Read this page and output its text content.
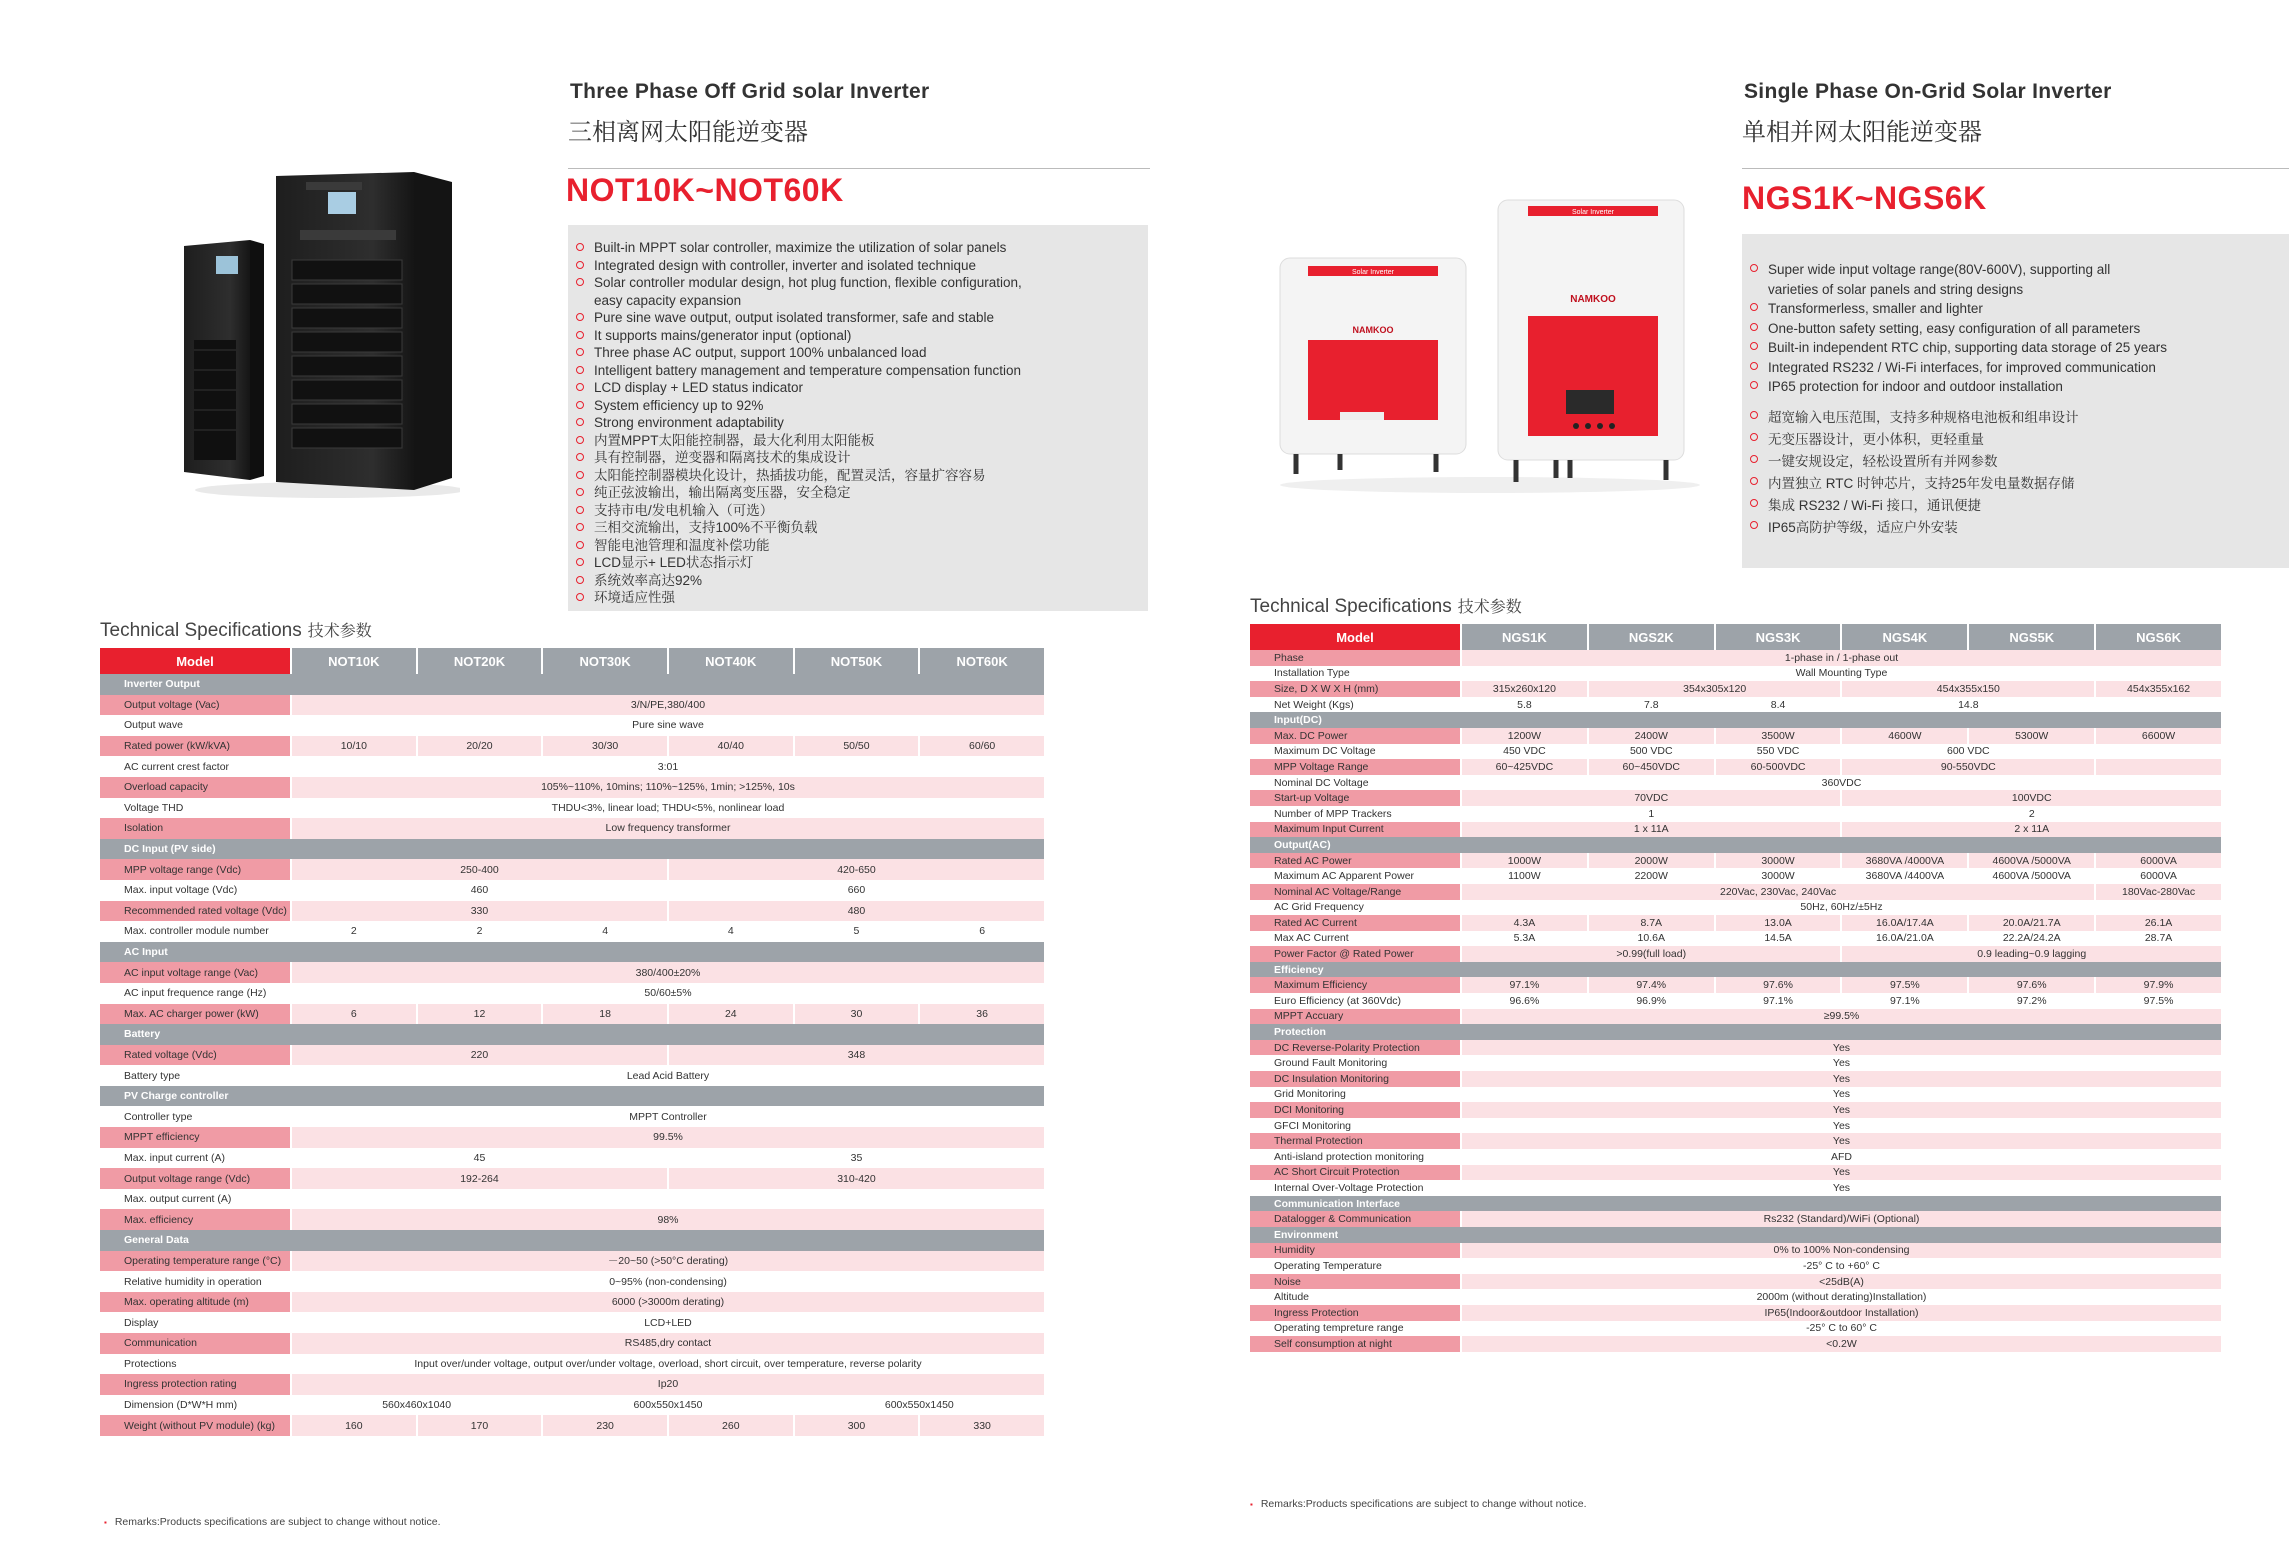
Three Phase Off Grid solar Inverter
三相离网太阳能逆变器
NOT10K~NOT60K
Built-in MPPT solar controller, maximize the utilization of solar panels
Integrated design with controller, inverter and isolated technique
Solar controller modular design, hot plug function, flexible configuration,
easy capacity expansion
Pure sine wave output, output isolated transformer, safe and stable
It supports mains/generator input (optional)
Three phase AC output, support 100% unbalanced load
Intelligent battery management and temperature compensation function
LCD display + LED status indicator
System efficiency up to 92%
Strong environment adaptability
内置MPPT太阳能控制器，最大化利用太阳能板
具有控制器，逆变器和隔离技术的集成设计
太阳能控制器模块化设计，热插拔功能，配置灵活，容量扩容容易
纯正弦波输出，输出隔离变压器，安全稳定
支持市电/发电机输入（可选）
三相交流输出，支持100%不平衡负载
智能电池管理和温度补偿功能
LCD显示+ LED状态指示灯
系统效率高达92%
环境适应性强
Technical Specifications 技术参数
Model	NOT10K	NOT20K	NOT30K	NOT40K	NOT50K	NOT60K
Inverter Output						
Output voltage (Vac)	3/N/PE,380/400					
Output wave	Pure sine wave					
Rated power (kW/kVA)	10/10	20/20	30/30	40/40	50/50	60/60
AC current crest factor	3:01					
Overload capacity	105%~110%, 10mins; 110%~125%, 1min; >125%, 10s					
Voltage THD	THDU<3%, linear load; THDU<5%, nonlinear load					
Isolation	Low frequency transformer					
DC Input (PV side)						
MPP voltage range (Vdc)	250-400			420-650		
Max. input voltage (Vdc)	460			660		
Recommended rated voltage (Vdc)	330			480		
Max. controller module number	2	2	4	4	5	6
AC Input						
AC input voltage range (Vac)	380/400±20%					
AC input frequence range (Hz)	50/60±5%					
Max. AC charger power (kW)	6	12	18	24	30	36
Battery						
Rated voltage (Vdc)	220			348		
Battery type	Lead Acid Battery					
PV Charge controller						
Controller type	MPPT Controller					
MPPT efficiency	99.5%					
Max. input current (A)	45			35		
Output voltage range (Vdc)	192-264			310-420		
Max. output current (A)						
Max. efficiency	98%					
General Data						
Operating temperature range (°C)	－20~50 (>50°C derating)					
Relative humidity in operation	0~95% (non-condensing)					
Max. operating altitude (m)	6000 (>3000m derating)					
Display	LCD+LED					
Communication	RS485,dry contact					
Protections	Input over/under voltage, output over/under voltage, overload, short circuit, over temperature, reverse polarity					
Ingress protection rating	Ip20					
Dimension (D*W*H mm)	560x460x1040		600x550x1450		600x550x1450	
Weight (without PV module) (kg)	160	170	230	260	300	330
▪ Remarks:Products specifications are subject to change without notice.
Solar Inverter
NAMKOO
Solar Inverter
NAMKOO
Single Phase On-Grid Solar Inverter
单相并网太阳能逆变器
NGS1K~NGS6K
Super wide input voltage range(80V-600V), supporting all
varieties of solar panels and string designs
Transformerless, smaller and lighter
One-button safety setting, easy configuration of all parameters
Built-in independent RTC chip, supporting data storage of 25 years
Integrated RS232 / Wi-Fi interfaces, for improved communication
IP65 protection for indoor and outdoor installation
超宽输入电压范围，支持多种规格电池板和组串设计
无变压器设计，更小体积，更轻重量
一键安规设定，轻松设置所有并网参数
内置独立 RTC 时钟芯片，支持25年发电量数据存储
集成 RS232 / Wi-Fi 接口，通讯便捷
IP65高防护等级，适应户外安装
Technical Specifications 技术参数
Model	NGS1K	NGS2K	NGS3K	NGS4K	NGS5K	NGS6K
Phase	1-phase in / 1-phase out					
Installation Type	Wall Mounting Type					
Size, D X W X H (mm)	315x260x120	354x305x120		454x355x150		454x355x162
Net Weight (Kgs)	5.8	7.8	8.4	14.8		
Input(DC)						
Max. DC Power	1200W	2400W	3500W	4600W	5300W	6600W
Maximum DC Voltage	450 VDC	500 VDC	550 VDC	600 VDC		
MPP Voltage Range	60~425VDC	60~450VDC	60-500VDC	90-550VDC		
Nominal DC Voltage	360VDC					
Start-up Voltage	70VDC			100VDC		
Number of MPP Trackers	1			2		
Maximum Input Current	1 x 11A			2 x 11A		
Output(AC)						
Rated AC Power	1000W	2000W	3000W	3680VA /4000VA	4600VA /5000VA	6000VA
Maximum AC Apparent Power	1100W	2200W	3000W	3680VA /4400VA	4600VA /5000VA	6000VA
Nominal AC Voltage/Range	220Vac, 230Vac, 240Vac					180Vac-280Vac
AC Grid Frequency	50Hz, 60Hz/±5Hz					
Rated AC Current	4.3A	8.7A	13.0A	16.0A/17.4A	20.0A/21.7A	26.1A
Max AC Current	5.3A	10.6A	14.5A	16.0A/21.0A	22.2A/24.2A	28.7A
Power Factor @ Rated Power	>0.99(full load)			0.9 leading~0.9 lagging		
Efficiency						
Maximum Efficiency	97.1%	97.4%	97.6%	97.5%	97.6%	97.9%
Euro Efficiency (at 360Vdc)	96.6%	96.9%	97.1%	97.1%	97.2%	97.5%
MPPT Accuary	≥99.5%					
Protection						
DC Reverse-Polarity Protection	Yes					
Ground Fault Monitoring	Yes					
DC Insulation Monitoring	Yes					
Grid Monitoring	Yes					
DCI Monitoring	Yes					
GFCI Monitoring	Yes					
Thermal Protection	Yes					
Anti-island protection monitoring	AFD					
AC Short Circuit Protection	Yes					
Internal Over-Voltage Protection	Yes					
Communication Interface						
Datalogger & Communication	Rs232 (Standard)/WiFi (Optional)					
Environment						
Humidity	0% to 100% Non-condensing					
Operating Temperature	-25° C to +60° C					
Noise	<25dB(A)					
Altitude	2000m (without derating)Installation)					
Ingress Protection	IP65(Indoor&outdoor Installation)					
Operating tempreture range	-25° C to 60° C					
Self consumption at night	<0.2W					
▪ Remarks:Products specifications are subject to change without notice.
